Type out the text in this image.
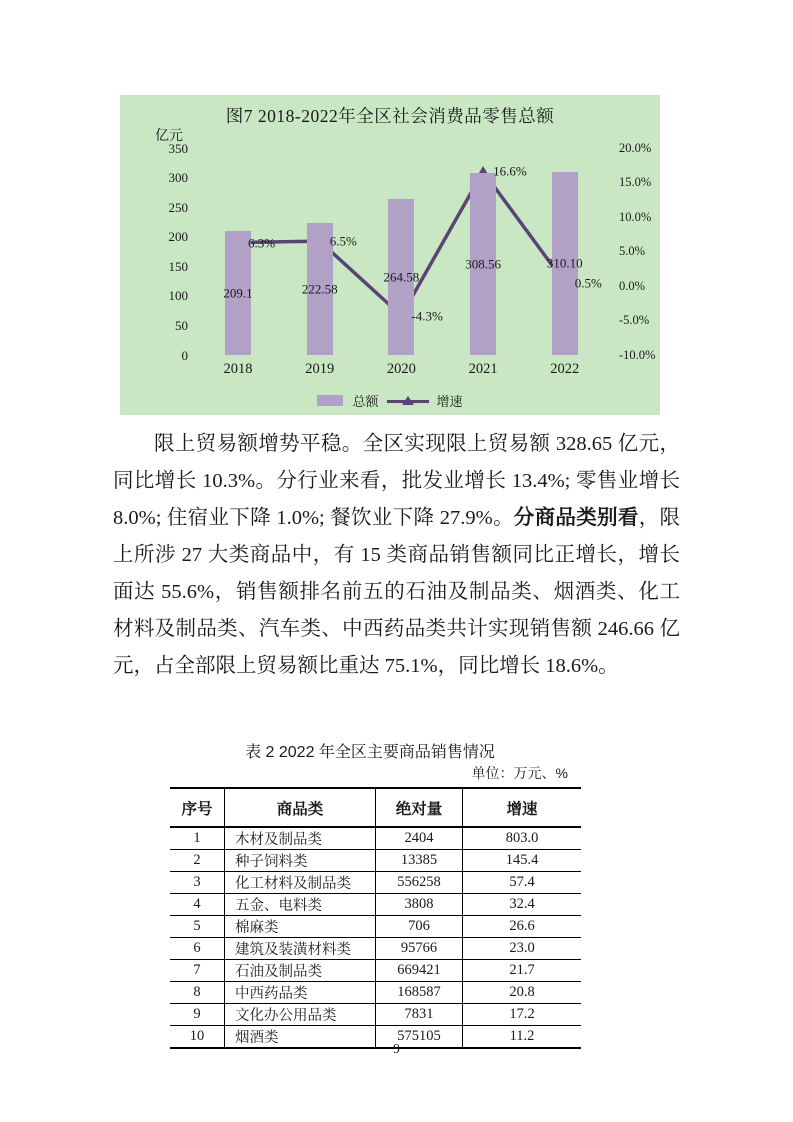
图7 2018-2022年全区社会消费品零售总额
亿元
总额	增速
350
300
250
200
150
100
50
0
20.0%
15.0%
10.0%
5.0%
0.0%
-5.0%
-10.0%
209.1
2018
222.58
2019
264.58
2020
308.56
2021
310.10
2022
6.3%	6.5%
-4.3%
16.6%
0.5%

限上贸易额增势平稳。全区实现限上贸易额 328.65 亿元，同比增长 10.3%。分行业来看，批发业增长 13.4%; 零售业增长 8.0%; 住宿业下降 1.0%; 餐饮业下降 27.9%。分商品类别看，限上所涉 27 大类商品中，有 15 类商品销售额同比正增长，增长面达 55.6%，销售额排名前五的石油及制品类、烟酒类、化工材料及制品类、汽车类、中西药品类共计实现销售额 246.66 亿元，占全部限上贸易额比重达 75.1%，同比增长 18.6%。

表 2 2022 年全区主要商品销售情况
单位：万元、%
序号	商品类	绝对量	增速
1	木材及制品类	2404	803.0
2	种子饲料类	13385	145.4
3	化工材料及制品类	556258	57.4
4	五金、电料类	3808	32.4
5	棉麻类	706	26.6
6	建筑及装潢材料类	95766	23.0
7	石油及制品类	669421	21.7
8	中西药品类	168587	20.8
9	文化办公用品类	7831	17.2
10	烟酒类	575105	11.2
9
